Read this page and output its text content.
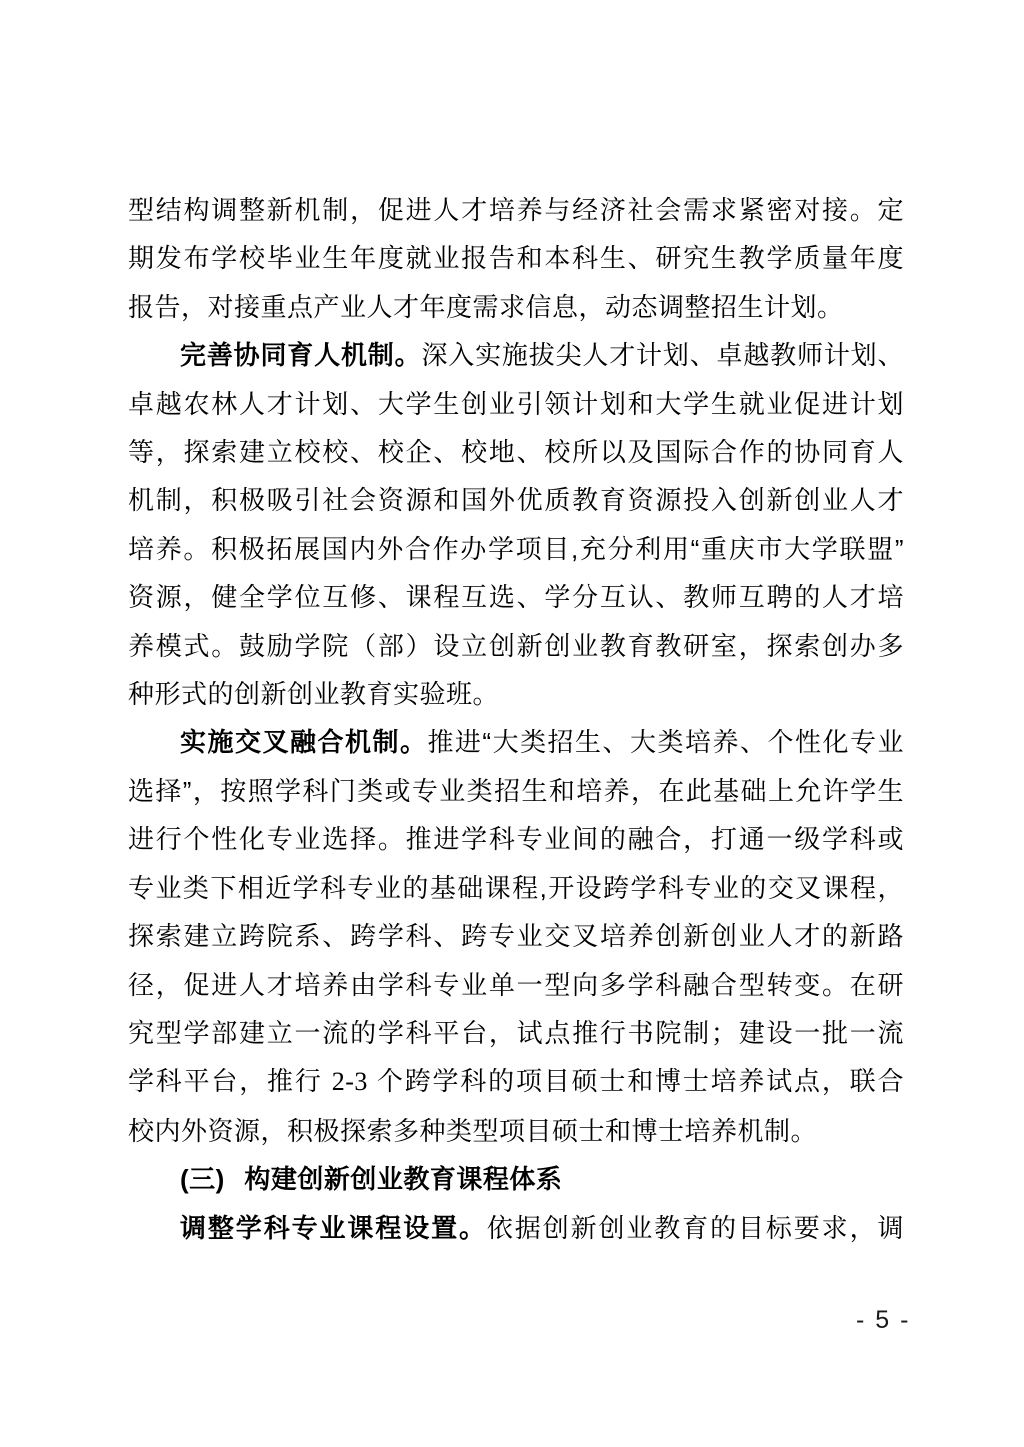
型结构调整新机制，促进人才培养与经济社会需求紧密对接。定
期发布学校毕业生年度就业报告和本科生、研究生教学质量年度
报告，对接重点产业人才年度需求信息，动态调整招生计划。
完善协同育人机制。深入实施拔尖人才计划、卓越教师计划、
卓越农林人才计划、大学生创业引领计划和大学生就业促进计划
等，探索建立校校、校企、校地、校所以及国际合作的协同育人
机制，积极吸引社会资源和国外优质教育资源投入创新创业人才
培养。积极拓展国内外合作办学项目,充分利用“重庆市大学联盟”
资源，健全学位互修、课程互选、学分互认、教师互聘的人才培
养模式。鼓励学院（部）设立创新创业教育教研室，探索创办多
种形式的创新创业教育实验班。
实施交叉融合机制。推进“大类招生、大类培养、个性化专业
选择”，按照学科门类或专业类招生和培养，在此基础上允许学生
进行个性化专业选择。推进学科专业间的融合，打通一级学科或
专业类下相近学科专业的基础课程,开设跨学科专业的交叉课程，
探索建立跨院系、跨学科、跨专业交叉培养创新创业人才的新路
径，促进人才培养由学科专业单一型向多学科融合型转变。在研
究型学部建立一流的学科平台，试点推行书院制；建设一批一流
学科平台，推行 2-3 个跨学科的项目硕士和博士培养试点，联合
校内外资源，积极探索多种类型项目硕士和博士培养机制。
(三) 构建创新创业教育课程体系
调整学科专业课程设置。依据创新创业教育的目标要求，调
- 5 -
